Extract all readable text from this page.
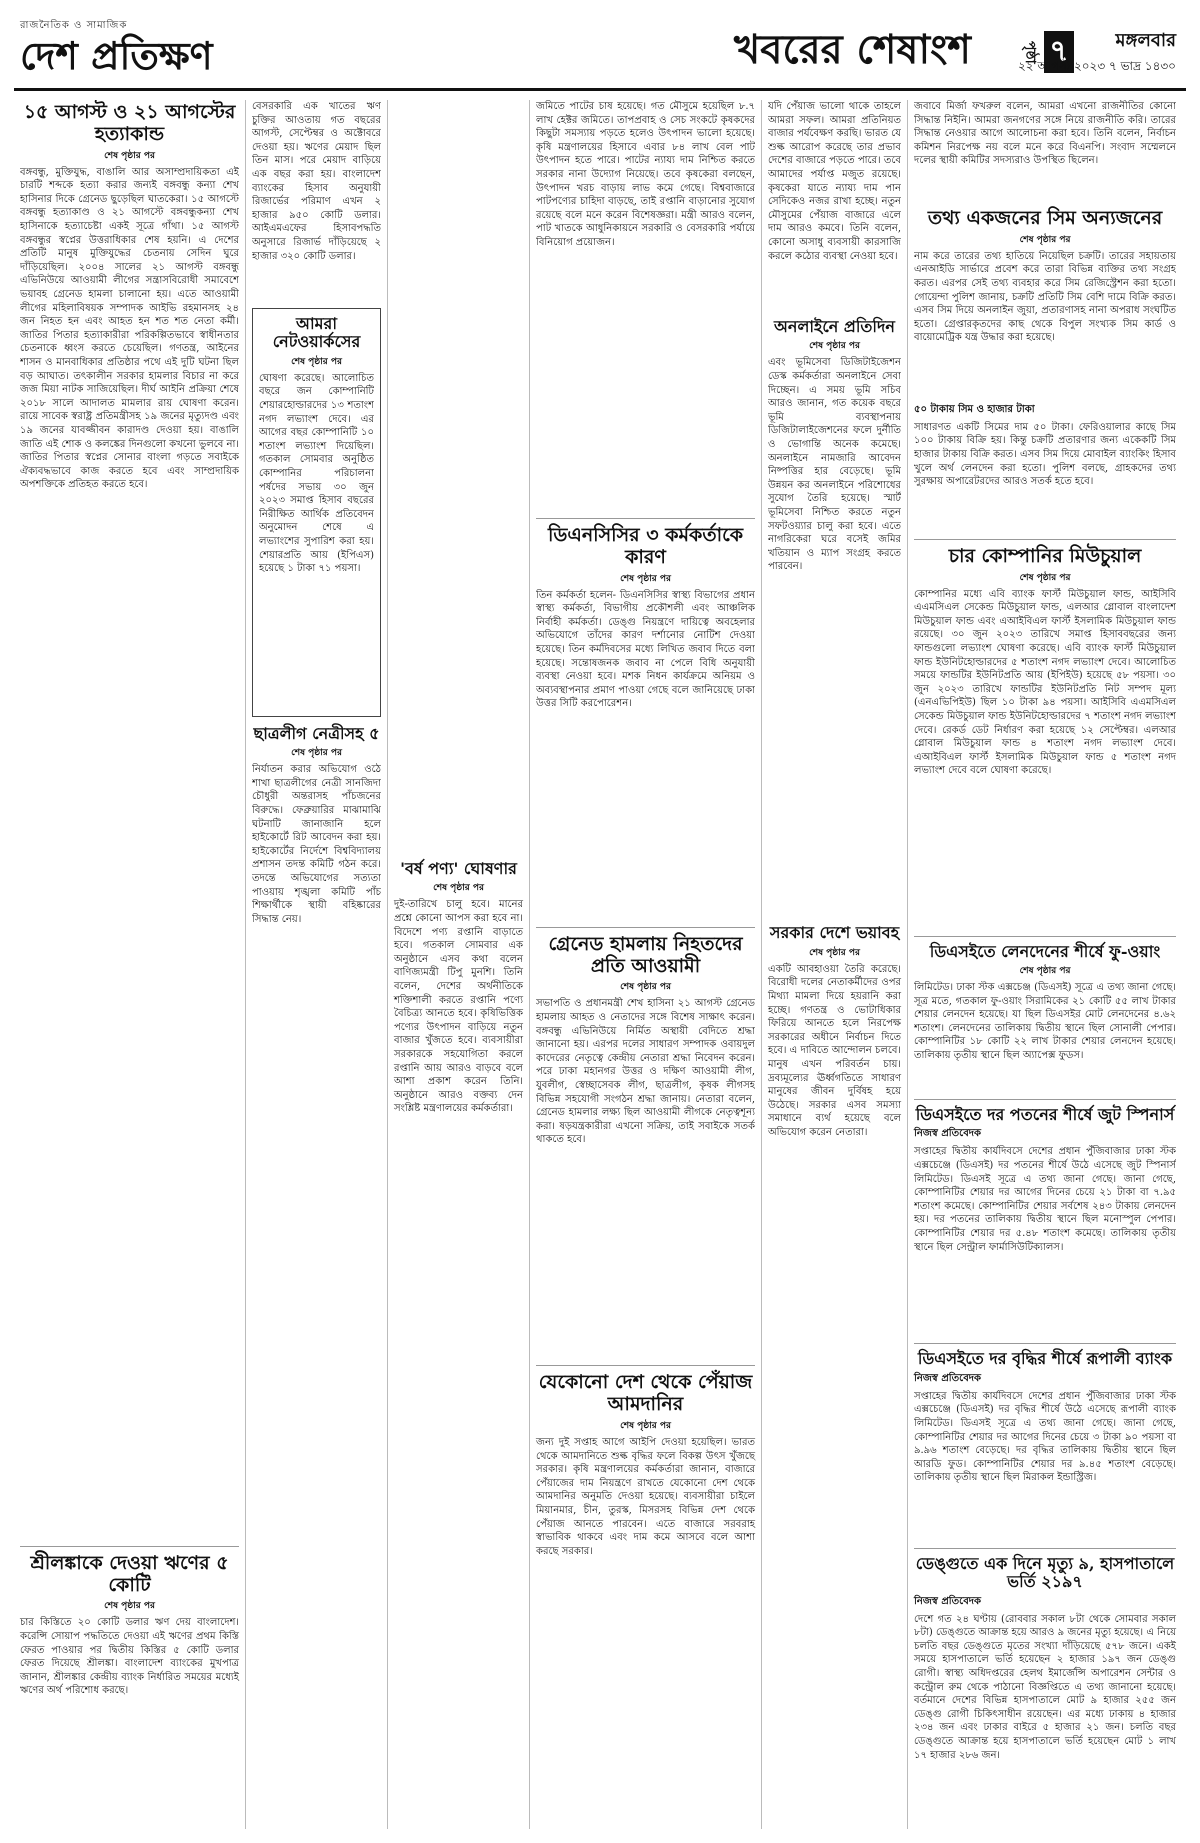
রাজনৈতিক ও সামাজিক
দেশ প্রতিক্ষণ	খবরের শেষাংশ	পৃষ্ঠা ৭	মঙ্গলবার
২২ আগস্ট ২০২৩ ৭ ভাদ্র ১৪৩০
১৫ আগস্ট ও ২১ আগস্টের হত্যাকান্ড
শেষ পৃষ্ঠার পর

বঙ্গবন্ধু, মুক্তিযুদ্ধ, বাঙালি আর অসাম্প্রদায়িকতা এই চারটি শব্দকে হত্যা করার জন্যই বঙ্গবন্ধু কন্যা শেখ হাসিনার দিকে গ্রেনেড ছুড়েছিল ঘাতকেরা। ১৫ আগস্টে বঙ্গবন্ধু হত্যাকাণ্ড ও ২১ আগস্টে বঙ্গবন্ধুকন্যা শেখ হাসিনাকে হত্যাচেষ্টা একই সূত্রে গাঁথা। ১৫ আগস্ট বঙ্গবন্ধুর স্বপ্নের উত্তরাধিকার শেষ হয়নি। এ দেশের প্রতিটি মানুষ মুক্তিযুদ্ধের চেতনায় সেদিন ঘুরে দাঁড়িয়েছিল। ২০০৪ সালের ২১ আগস্ট বঙ্গবন্ধু এভিনিউয়ে আওয়ামী লীগের সন্ত্রাসবিরোধী সমাবেশে ভয়াবহ গ্রেনেড হামলা চালানো হয়। এতে আওয়ামী লীগের মহিলাবিষয়ক সম্পাদক আইভি রহমানসহ ২৪ জন নিহত হন এবং আহত হন শত শত নেতা কর্মী। জাতির পিতার হত্যাকারীরা পরিকল্পিতভাবে স্বাধীনতার চেতনাকে ধ্বংস করতে চেয়েছিল। গণতন্ত্র, আইনের শাসন ও মানবাধিকার প্রতিষ্ঠার পথে এই দুটি ঘটনা ছিল বড় আঘাত। তৎকালীন সরকার হামলার বিচার না করে জজ মিয়া নাটক সাজিয়েছিল। দীর্ঘ আইনি প্রক্রিয়া শেষে ২০১৮ সালে আদালত মামলার রায় ঘোষণা করেন। রায়ে সাবেক স্বরাষ্ট্র প্রতিমন্ত্রীসহ ১৯ জনের মৃত্যুদণ্ড এবং ১৯ জনের যাবজ্জীবন কারাদণ্ড দেওয়া হয়। বাঙালি জাতি এই শোক ও কলঙ্কের দিনগুলো কখনো ভুলবে না। জাতির পিতার স্বপ্নের সোনার বাংলা গড়তে সবাইকে ঐক্যবদ্ধভাবে কাজ করতে হবে এবং সাম্প্রদায়িক অপশক্তিকে প্রতিহত করতে হবে।

শ্রীলঙ্কাকে দেওয়া ঋণের ৫ কোটি
শেষ পৃষ্ঠার পর

চার কিস্তিতে ২০ কোটি ডলার ঋণ দেয় বাংলাদেশ। করেন্সি সোয়াপ পদ্ধতিতে দেওয়া এই ঋণের প্রথম কিস্তি ফেরত পাওয়ার পর দ্বিতীয় কিস্তির ৫ কোটি ডলার ফেরত দিয়েছে শ্রীলঙ্কা। বাংলাদেশ ব্যাংকের মুখপাত্র জানান, শ্রীলঙ্কার কেন্দ্রীয় ব্যাংক নির্ধারিত সময়ের মধ্যেই ঋণের অর্থ পরিশোধ করছে।

বেসরকারি এক খাতের ঋণ চুক্তির আওতায় গত বছরের আগস্ট, সেপ্টেম্বর ও অক্টোবরে দেওয়া হয়। ঋণের মেয়াদ ছিল তিন মাস। পরে মেয়াদ বাড়িয়ে এক বছর করা হয়। বাংলাদেশ ব্যাংকের হিসাব অনুযায়ী রিজার্ভের পরিমাণ এখন ২ হাজার ৯৫০ কোটি ডলার। আইএমএফের হিসাবপদ্ধতি অনুসারে রিজার্ভ দাঁড়িয়েছে ২ হাজার ৩২০ কোটি ডলার।

আমরা নেটওয়ার্কসের
শেষ পৃষ্ঠার পর

ঘোষণা করেছে। আলোচিত বছরে জন কোম্পানিটি শেয়ারহোল্ডারদের ১৩ শতাংশ নগদ লভ্যাংশ দেবে। এর আগের বছর কোম্পানিটি ১০ শতাংশ লভ্যাংশ দিয়েছিল। গতকাল সোমবার অনুষ্ঠিত কোম্পানির পরিচালনা পর্ষদের সভায় ৩০ জুন ২০২৩ সমাপ্ত হিসাব বছরের নিরীক্ষিত আর্থিক প্রতিবেদন অনুমোদন শেষে এ লভ্যাংশের সুপারিশ করা হয়। শেয়ারপ্রতি আয় (ইপিএস) হয়েছে ১ টাকা ৭১ পয়সা।

ছাত্রলীগ নেত্রীসহ ৫
শেষ পৃষ্ঠার পর

নির্যাতন করার অভিযোগ ওঠে শাখা ছাত্রলীগের নেত্রী সানজিদা চৌধুরী অন্তরাসহ পাঁচজনের বিরুদ্ধে। ফেব্রুয়ারির মাঝামাঝি ঘটনাটি জানাজানি হলে হাইকোর্টে রিট আবেদন করা হয়। হাইকোর্টের নির্দেশে বিশ্ববিদ্যালয় প্রশাসন তদন্ত কমিটি গঠন করে। তদন্তে অভিযোগের সত্যতা পাওয়ায় শৃঙ্খলা কমিটি পাঁচ শিক্ষার্থীকে স্থায়ী বহিষ্কারের সিদ্ধান্ত নেয়।

'বর্ষ পণ্য' ঘোষণার
শেষ পৃষ্ঠার পর

দুই-তারিখে চালু হবে। মানের প্রশ্নে কোনো আপস করা হবে না। বিদেশে পণ্য রপ্তানি বাড়াতে হবে। গতকাল সোমবার এক অনুষ্ঠানে এসব কথা বলেন বাণিজ্যমন্ত্রী টিপু মুনশি। তিনি বলেন, দেশের অর্থনীতিকে শক্তিশালী করতে রপ্তানি পণ্যে বৈচিত্র্য আনতে হবে। কৃষিভিত্তিক পণ্যের উৎপাদন বাড়িয়ে নতুন বাজার খুঁজতে হবে। ব্যবসায়ীরা সরকারকে সহযোগিতা করলে রপ্তানি আয় আরও বাড়বে বলে আশা প্রকাশ করেন তিনি। অনুষ্ঠানে আরও বক্তব্য দেন সংশ্লিষ্ট মন্ত্রণালয়ের কর্মকর্তারা।

জমিতে পাটের চাষ হয়েছে। গত মৌসুমে হয়েছিল ৮.৭ লাখ হেক্টর জমিতে। তাপপ্রবাহ ও সেচ সংকটে কৃষকদের কিছুটা সমস্যায় পড়তে হলেও উৎপাদন ভালো হয়েছে। কৃষি মন্ত্রণালয়ের হিসাবে এবার ৮৪ লাখ বেল পাট উৎপাদন হতে পারে। পাটের ন্যায্য দাম নিশ্চিত করতে সরকার নানা উদ্যোগ নিয়েছে। তবে কৃষকেরা বলছেন, উৎপাদন খরচ বাড়ায় লাভ কমে গেছে। বিশ্ববাজারে পাটপণ্যের চাহিদা বাড়ছে, তাই রপ্তানি বাড়ানোর সুযোগ রয়েছে বলে মনে করেন বিশেষজ্ঞরা। মন্ত্রী আরও বলেন, পাট খাতকে আধুনিকায়নে সরকারি ও বেসরকারি পর্যায়ে বিনিয়োগ প্রয়োজন।

ডিএনসিসির ৩ কর্মকর্তাকে কারণ
শেষ পৃষ্ঠার পর

তিন কর্মকর্তা হলেন- ডিএনসিসির স্বাস্থ্য বিভাগের প্রধান স্বাস্থ্য কর্মকর্তা, বিভাগীয় প্রকৌশলী এবং আঞ্চলিক নির্বাহী কর্মকর্তা। ডেঙ্গু নিয়ন্ত্রণে দায়িত্বে অবহেলার অভিযোগে তাঁদের কারণ দর্শানোর নোটিশ দেওয়া হয়েছে। তিন কর্মদিবসের মধ্যে লিখিত জবাব দিতে বলা হয়েছে। সন্তোষজনক জবাব না পেলে বিধি অনুযায়ী ব্যবস্থা নেওয়া হবে। মশক নিধন কার্যক্রমে অনিয়ম ও অব্যবস্থাপনার প্রমাণ পাওয়া গেছে বলে জানিয়েছে ঢাকা উত্তর সিটি করপোরেশন।

গ্রেনেড হামলায় নিহতদের প্রতি আওয়ামী
শেষ পৃষ্ঠার পর

সভাপতি ও প্রধানমন্ত্রী শেখ হাসিনা ২১ আগস্ট গ্রেনেড হামলায় আহত ও নেতাদের সঙ্গে বিশেষ সাক্ষাৎ করেন। বঙ্গবন্ধু এভিনিউয়ে নির্মিত অস্থায়ী বেদিতে শ্রদ্ধা জানানো হয়। এরপর দলের সাধারণ সম্পাদক ওবায়দুল কাদেরের নেতৃত্বে কেন্দ্রীয় নেতারা শ্রদ্ধা নিবেদন করেন। পরে ঢাকা মহানগর উত্তর ও দক্ষিণ আওয়ামী লীগ, যুবলীগ, স্বেচ্ছাসেবক লীগ, ছাত্রলীগ, কৃষক লীগসহ বিভিন্ন সহযোগী সংগঠন শ্রদ্ধা জানায়। নেতারা বলেন, গ্রেনেড হামলার লক্ষ্য ছিল আওয়ামী লীগকে নেতৃত্বশূন্য করা। ষড়যন্ত্রকারীরা এখনো সক্রিয়, তাই সবাইকে সতর্ক থাকতে হবে।

যেকোনো দেশ থেকে পেঁয়াজ আমদানির
শেষ পৃষ্ঠার পর

জন্য দুই সপ্তাহ আগে আইপি দেওয়া হয়েছিল। ভারত থেকে আমদানিতে শুল্ক বৃদ্ধির ফলে বিকল্প উৎস খুঁজছে সরকার। কৃষি মন্ত্রণালয়ের কর্মকর্তারা জানান, বাজারে পেঁয়াজের দাম নিয়ন্ত্রণে রাখতে যেকোনো দেশ থেকে আমদানির অনুমতি দেওয়া হয়েছে। ব্যবসায়ীরা চাইলে মিয়ানমার, চীন, তুরস্ক, মিসরসহ বিভিন্ন দেশ থেকে পেঁয়াজ আনতে পারবেন। এতে বাজারে সরবরাহ স্বাভাবিক থাকবে এবং দাম কমে আসবে বলে আশা করছে সরকার।

যদি পেঁয়াজ ভালো থাকে তাহলে আমরা সফল। আমরা প্রতিনিয়ত বাজার পর্যবেক্ষণ করছি। ভারত যে শুল্ক আরোপ করেছে তার প্রভাব দেশের বাজারে পড়তে পারে। তবে আমাদের পর্যাপ্ত মজুত রয়েছে। কৃষকেরা যাতে ন্যায্য দাম পান সেদিকেও নজর রাখা হচ্ছে। নতুন মৌসুমের পেঁয়াজ বাজারে এলে দাম আরও কমবে। তিনি বলেন, কোনো অসাধু ব্যবসায়ী কারসাজি করলে কঠোর ব্যবস্থা নেওয়া হবে।

অনলাইনে প্রতিদিন
শেষ পৃষ্ঠার পর

এবং ভূমিসেবা ডিজিটাইজেশন ডেস্ক কর্মকর্তারা অনলাইনে সেবা দিচ্ছেন। এ সময় ভূমি সচিব আরও জানান, গত কয়েক বছরে ভূমি ব্যবস্থাপনায় ডিজিটালাইজেশনের ফলে দুর্নীতি ও ভোগান্তি অনেক কমেছে। অনলাইনে নামজারি আবেদন নিষ্পত্তির হার বেড়েছে। ভূমি উন্নয়ন কর অনলাইনে পরিশোধের সুযোগ তৈরি হয়েছে। স্মার্ট ভূমিসেবা নিশ্চিত করতে নতুন সফটওয়্যার চালু করা হবে। এতে নাগরিকেরা ঘরে বসেই জমির খতিয়ান ও ম্যাপ সংগ্রহ করতে পারবেন।

সরকার দেশে ভয়াবহ
শেষ পৃষ্ঠার পর

একটি আবহাওয়া তৈরি করেছে। বিরোধী দলের নেতাকর্মীদের ওপর মিথ্যা মামলা দিয়ে হয়রানি করা হচ্ছে। গণতন্ত্র ও ভোটাধিকার ফিরিয়ে আনতে হলে নিরপেক্ষ সরকারের অধীনে নির্বাচন দিতে হবে। এ দাবিতে আন্দোলন চলবে। মানুষ এখন পরিবর্তন চায়। দ্রব্যমূল্যের ঊর্ধ্বগতিতে সাধারণ মানুষের জীবন দুর্বিষহ হয়ে উঠেছে। সরকার এসব সমস্যা সমাধানে ব্যর্থ হয়েছে বলে অভিযোগ করেন নেতারা।

জবাবে মির্জা ফখরুল বলেন, আমরা এখনো রাজনীতির কোনো সিদ্ধান্ত নিইনি। আমরা জনগণের সঙ্গে নিয়ে রাজনীতি করি। তারের সিদ্ধান্ত নেওয়ার আগে আলোচনা করা হবে। তিনি বলেন, নির্বাচন কমিশন নিরপেক্ষ নয় বলে মনে করে বিএনপি। সংবাদ সম্মেলনে দলের স্থায়ী কমিটির সদস্যরাও উপস্থিত ছিলেন।

তথ্য একজনের সিম অন্যজনের
শেষ পৃষ্ঠার পর

নাম করে তারের তথ্য হাতিয়ে নিয়েছিল চক্রটি। তারের সহায়তায় এনআইডি সার্ভারে প্রবেশ করে তারা বিভিন্ন ব্যক্তির তথ্য সংগ্রহ করত। এরপর সেই তথ্য ব্যবহার করে সিম রেজিস্ট্রেশন করা হতো। গোয়েন্দা পুলিশ জানায়, চক্রটি প্রতিটি সিম বেশি দামে বিক্রি করত। এসব সিম দিয়ে অনলাইন জুয়া, প্রতারণাসহ নানা অপরাধ সংঘটিত হতো। গ্রেপ্তারকৃতদের কাছ থেকে বিপুল সংখ্যক সিম কার্ড ও বায়োমেট্রিক যন্ত্র উদ্ধার করা হয়েছে।

৫০ টাকায় সিম ও হাজার টাকা

সাধারণত একটি সিমের দাম ৫০ টাকা। ফেরিওয়ালার কাছে সিম ১০০ টাকায় বিক্রি হয়। কিন্তু চক্রটি প্রতারণার জন্য একেকটি সিম হাজার টাকায় বিক্রি করত। এসব সিম দিয়ে মোবাইল ব্যাংকিং হিসাব খুলে অর্থ লেনদেন করা হতো। পুলিশ বলছে, গ্রাহকদের তথ্য সুরক্ষায় অপারেটরদের আরও সতর্ক হতে হবে।

চার কোম্পানির মিউচুয়াল
শেষ পৃষ্ঠার পর

কোম্পানির মধ্যে এবি ব্যাংক ফার্স্ট মিউচুয়াল ফান্ড, আইসিবি এএমসিএল সেকেন্ড মিউচুয়াল ফান্ড, এলআর গ্লোবাল বাংলাদেশ মিউচুয়াল ফান্ড এবং এআইবিএল ফার্স্ট ইসলামিক মিউচুয়াল ফান্ড রয়েছে। ৩০ জুন ২০২৩ তারিখে সমাপ্ত হিসাববছরের জন্য ফান্ডগুলো লভ্যাংশ ঘোষণা করেছে। এবি ব্যাংক ফার্স্ট মিউচুয়াল ফান্ড ইউনিটহোল্ডারদের ৫ শতাংশ নগদ লভ্যাংশ দেবে। আলোচিত সময়ে ফান্ডটির ইউনিটপ্রতি আয় (ইপিইউ) হয়েছে ৫৮ পয়সা। ৩০ জুন ২০২৩ তারিখে ফান্ডটির ইউনিটপ্রতি নিট সম্পদ মূল্য (এনএভিপিইউ) ছিল ১০ টাকা ৯৪ পয়সা। আইসিবি এএমসিএল সেকেন্ড মিউচুয়াল ফান্ড ইউনিটহোল্ডারদের ৭ শতাংশ নগদ লভ্যাংশ দেবে। রেকর্ড ডেট নির্ধারণ করা হয়েছে ১২ সেপ্টেম্বর। এলআর গ্লোবাল মিউচুয়াল ফান্ড ৪ শতাংশ নগদ লভ্যাংশ দেবে। এআইবিএল ফার্স্ট ইসলামিক মিউচুয়াল ফান্ড ৫ শতাংশ নগদ লভ্যাংশ দেবে বলে ঘোষণা করেছে।

ডিএসইতে লেনদেনের শীর্ষে ফু-ওয়াং
শেষ পৃষ্ঠার পর

লিমিটেড। ঢাকা স্টক এক্সচেঞ্জ (ডিএসই) সূত্রে এ তথ্য জানা গেছে। সূত্র মতে, গতকাল ফু-ওয়াং সিরামিকের ২১ কোটি ৫৫ লাখ টাকার শেয়ার লেনদেন হয়েছে। যা ছিল ডিএসইর মোট লেনদেনের ৪.৬২ শতাংশ। লেনদেনের তালিকায় দ্বিতীয় স্থানে ছিল সোনালী পেপার। কোম্পানিটির ১৮ কোটি ২২ লাখ টাকার শেয়ার লেনদেন হয়েছে। তালিকায় তৃতীয় স্থানে ছিল অ্যাপেক্স ফুডস।

ডিএসইতে দর পতনের শীর্ষে জুট স্পিনার্স
নিজস্ব প্রতিবেদক

সপ্তাহের দ্বিতীয় কার্যদিবসে দেশের প্রধান পুঁজিবাজার ঢাকা স্টক এক্সচেঞ্জে (ডিএসই) দর পতনের শীর্ষে উঠে এসেছে জুট স্পিনার্স লিমিটেড। ডিএসই সূত্রে এ তথ্য জানা গেছে। জানা গেছে, কোম্পানিটির শেয়ার দর আগের দিনের চেয়ে ২১ টাকা বা ৭.৯৫ শতাংশ কমেছে। কোম্পানিটির শেয়ার সর্বশেষ ২৪৩ টাকায় লেনদেন হয়। দর পতনের তালিকায় দ্বিতীয় স্থানে ছিল মনোস্পুল পেপার। কোম্পানিটির শেয়ার দর ৫.৪৮ শতাংশ কমেছে। তালিকায় তৃতীয় স্থানে ছিল সেন্ট্রাল ফার্মাসিউটিক্যালস।

ডিএসইতে দর বৃদ্ধির শীর্ষে রূপালী ব্যাংক
নিজস্ব প্রতিবেদক

সপ্তাহের দ্বিতীয় কার্যদিবসে দেশের প্রধান পুঁজিবাজার ঢাকা স্টক এক্সচেঞ্জে (ডিএসই) দর বৃদ্ধির শীর্ষে উঠে এসেছে রূপালী ব্যাংক লিমিটেড। ডিএসই সূত্রে এ তথ্য জানা গেছে। জানা গেছে, কোম্পানিটির শেয়ার দর আগের দিনের চেয়ে ৩ টাকা ৯০ পয়সা বা ৯.৯৬ শতাংশ বেড়েছে। দর বৃদ্ধির তালিকায় দ্বিতীয় স্থানে ছিল আরডি ফুড। কোম্পানিটির শেয়ার দর ৯.৪৫ শতাংশ বেড়েছে। তালিকায় তৃতীয় স্থানে ছিল মিরাকল ইন্ডাস্ট্রিজ।

ডেঙ্গুতে এক দিনে মৃত্যু ৯, হাসপাতালে ভর্তি ২১৯৭
নিজস্ব প্রতিবেদক

দেশে গত ২৪ ঘণ্টায় (রোববার সকাল ৮টা থেকে সোমবার সকাল ৮টা) ডেঙ্গুতে আক্রান্ত হয়ে আরও ৯ জনের মৃত্যু হয়েছে। এ নিয়ে চলতি বছর ডেঙ্গুতে মৃতের সংখ্যা দাঁড়িয়েছে ৫৭৮ জনে। একই সময়ে হাসপাতালে ভর্তি হয়েছেন ২ হাজার ১৯৭ জন ডেঙ্গু রোগী। স্বাস্থ্য অধিদপ্তরের হেলথ ইমার্জেন্সি অপারেশন সেন্টার ও কন্ট্রোল রুম থেকে পাঠানো বিজ্ঞপ্তিতে এ তথ্য জানানো হয়েছে। বর্তমানে দেশের বিভিন্ন হাসপাতালে মোট ৯ হাজার ২৫৫ জন ডেঙ্গু রোগী চিকিৎসাধীন রয়েছেন। এর মধ্যে ঢাকায় ৪ হাজার ২৩৪ জন এবং ঢাকার বাইরে ৫ হাজার ২১ জন। চলতি বছর ডেঙ্গুতে আক্রান্ত হয়ে হাসপাতালে ভর্তি হয়েছেন মোট ১ লাখ ১৭ হাজার ২৮৬ জন।
